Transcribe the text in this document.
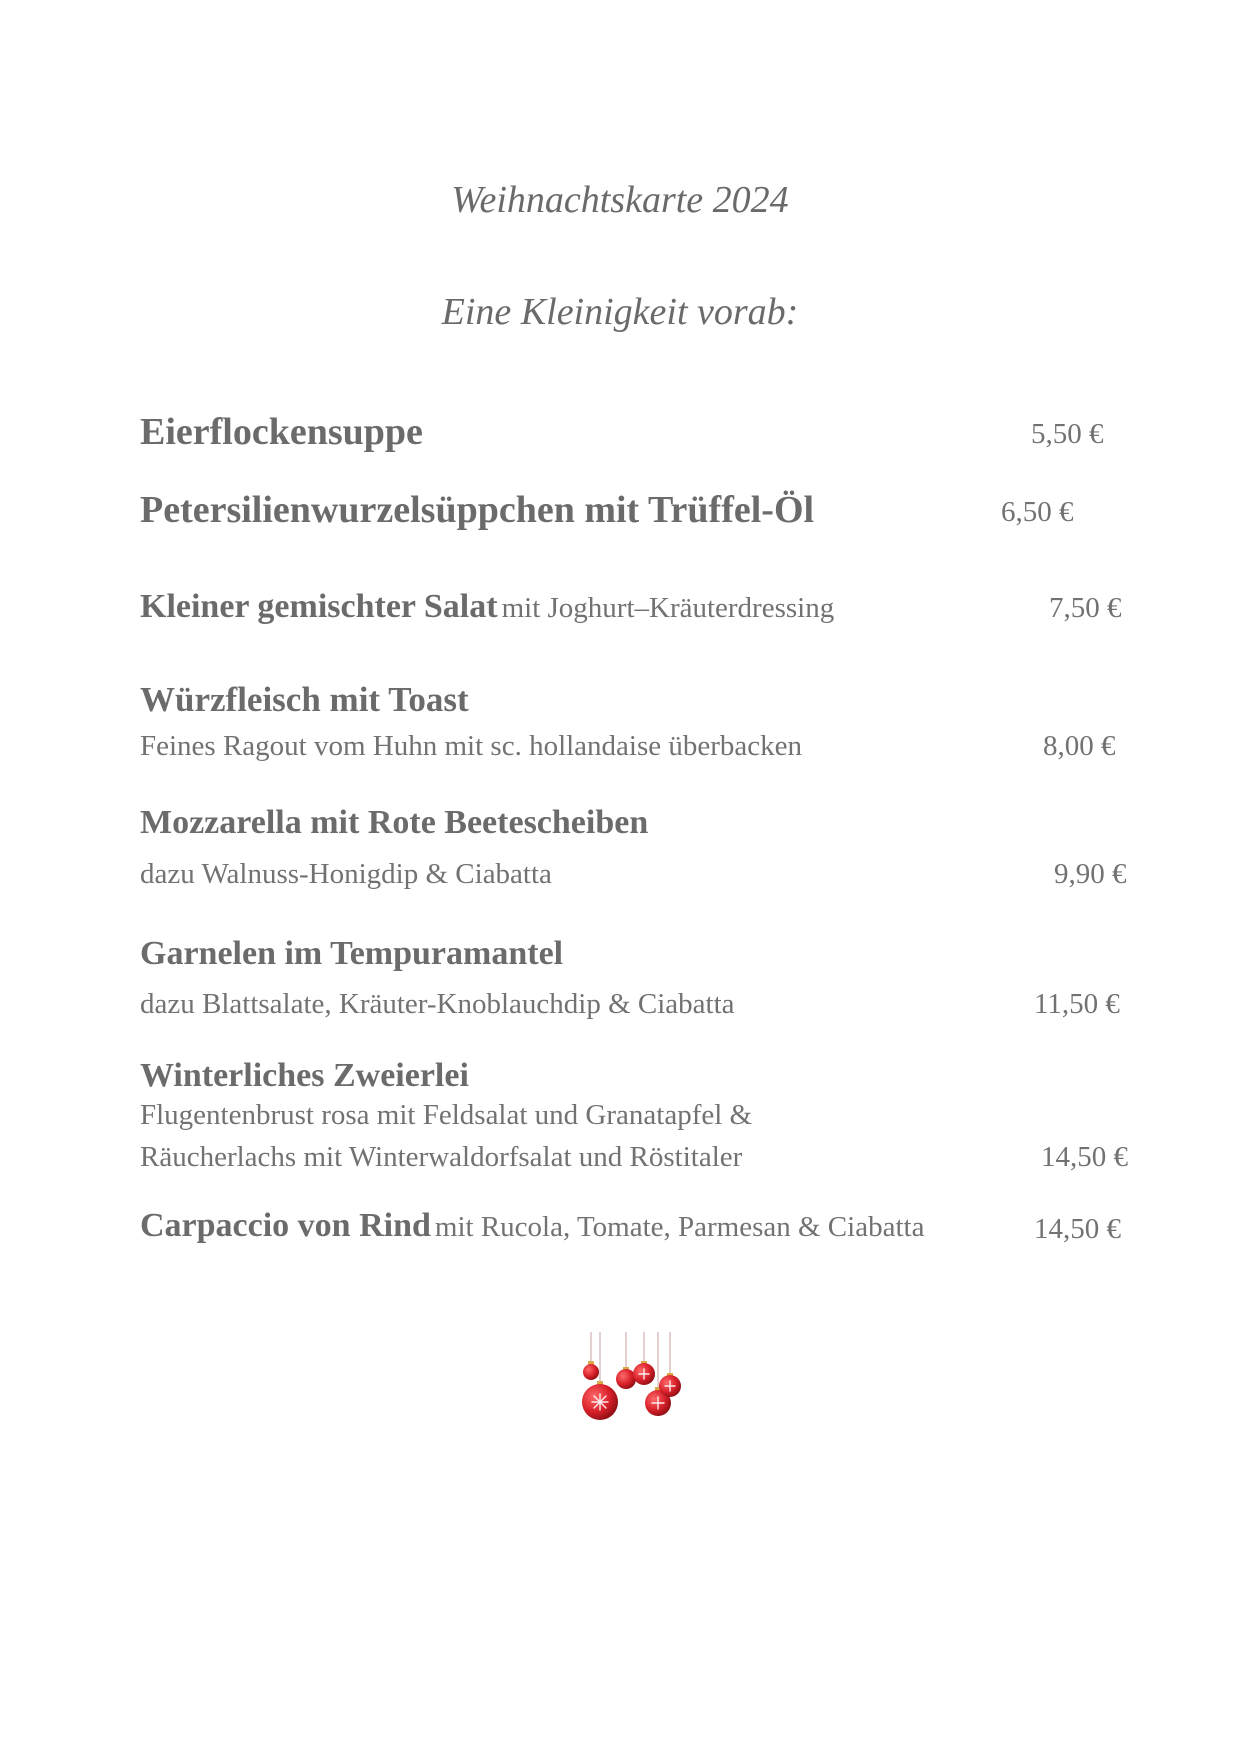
Weihnachtskarte 2024
Eine Kleinigkeit vorab:
Eierflockensuppe	5,50 €
Petersilienwurzelsüppchen mit Trüffel-Öl	6,50 €
Kleiner gemischter Salat mit Joghurt–Kräuterdressing	7,50 €
Würzfleisch mit Toast
Feines Ragout vom Huhn mit sc. hollandaise überbacken	8,00 €
Mozzarella mit Rote Beetescheiben
dazu Walnuss-Honigdip & Ciabatta	9,90 €
Garnelen im Tempuramantel
dazu Blattsalate, Kräuter-Knoblauchdip & Ciabatta	11,50 €
Winterliches Zweierlei
Flugentenbrust rosa mit Feldsalat und Granatapfel &
Räucherlachs mit Winterwaldorfsalat und Röstitaler	14,50 €
Carpaccio von Rind mit Rucola, Tomate, Parmesan & Ciabatta	14,50 €
